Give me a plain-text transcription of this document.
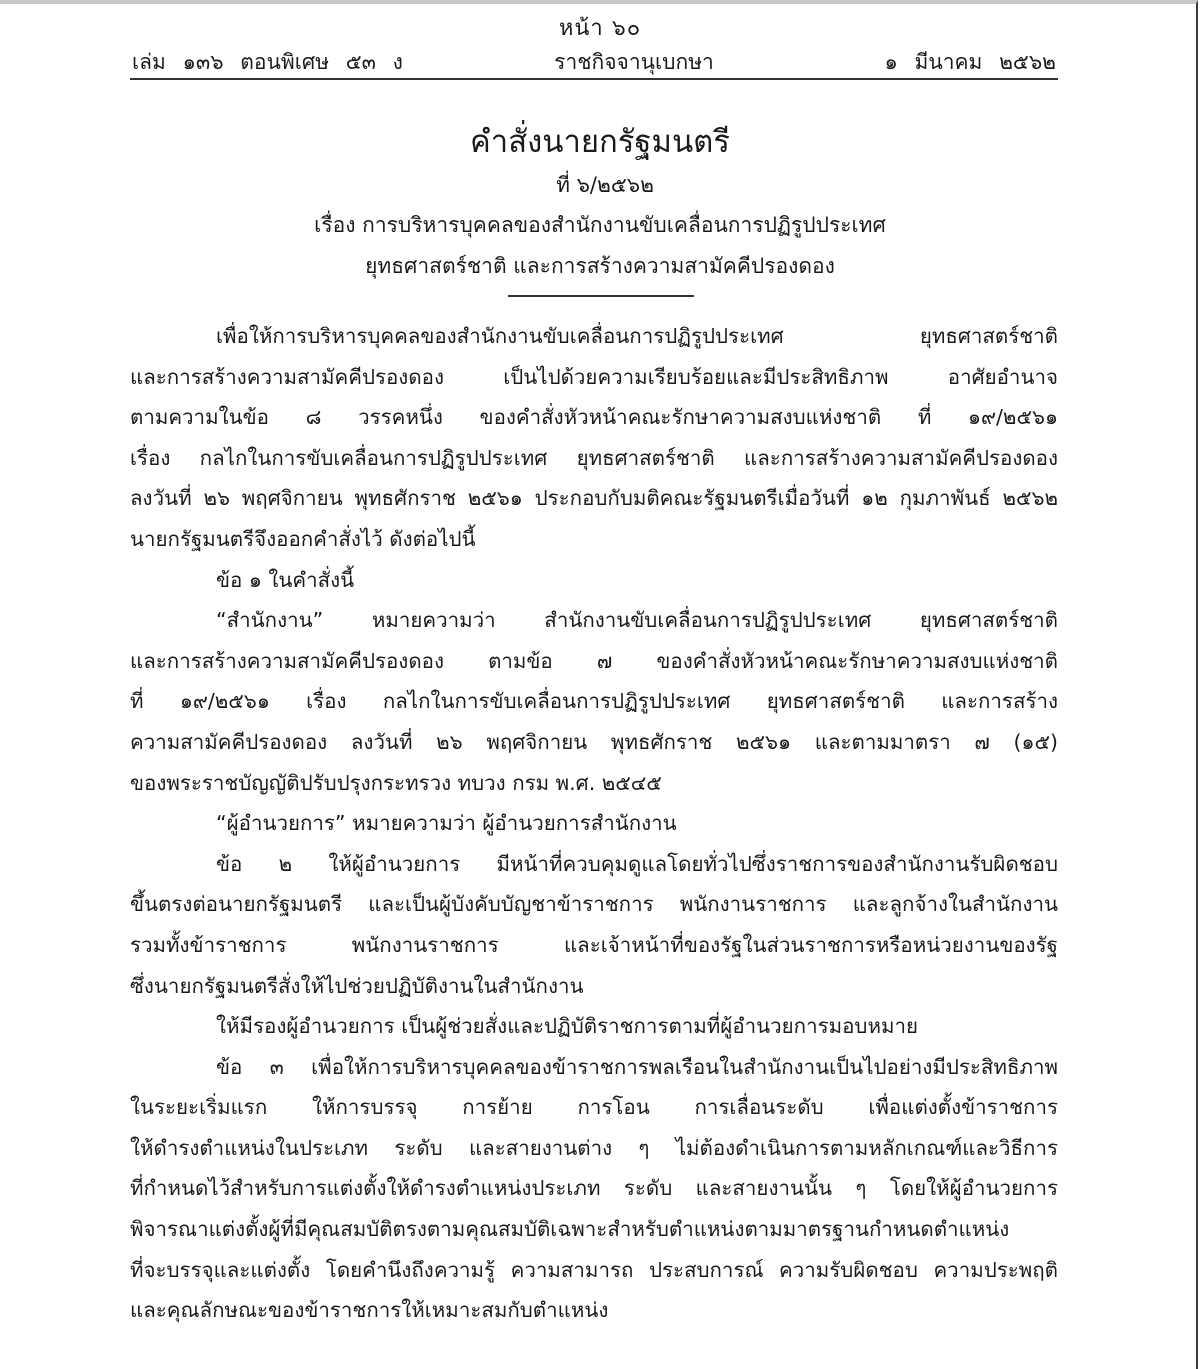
หน้า ๖๐
เล่ม ๑๓๖ ตอนพิเศษ ๕๓ ง	ราชกิจจานุเบกษา	๑ มีนาคม ๒๕๖๒
คำสั่งนายกรัฐมนตรี
ที่ ๖/๒๕๖๒
เรื่อง การบริหารบุคคลของสำนักงานขับเคลื่อนการปฏิรูปประเทศ
ยุทธศาสตร์ชาติ และการสร้างความสามัคคีปรองดอง
เพื่อให้การบริหารบุคคลของสำนักงานขับเคลื่อนการปฏิรูปประเทศ ยุทธศาสตร์ชาติ
และการสร้างความสามัคคีปรองดอง เป็นไปด้วยความเรียบร้อยและมีประสิทธิภาพ อาศัยอำนาจ
ตามความในข้อ ๘ วรรคหนึ่ง ของคำสั่งหัวหน้าคณะรักษาความสงบแห่งชาติ ที่ ๑๙/๒๕๖๑
เรื่อง กลไกในการขับเคลื่อนการปฏิรูปประเทศ ยุทธศาสตร์ชาติ และการสร้างความสามัคคีปรองดอง
ลงวันที่ ๒๖ พฤศจิกายน พุทธศักราช ๒๕๖๑ ประกอบกับมติคณะรัฐมนตรีเมื่อวันที่ ๑๒ กุมภาพันธ์ ๒๕๖๒
นายกรัฐมนตรีจึงออกคำสั่งไว้ ดังต่อไปนี้
ข้อ ๑ ในคำสั่งนี้
“สำนักงาน” หมายความว่า สำนักงานขับเคลื่อนการปฏิรูปประเทศ ยุทธศาสตร์ชาติ
และการสร้างความสามัคคีปรองดอง ตามข้อ ๗ ของคำสั่งหัวหน้าคณะรักษาความสงบแห่งชาติ
ที่ ๑๙/๒๕๖๑ เรื่อง กลไกในการขับเคลื่อนการปฏิรูปประเทศ ยุทธศาสตร์ชาติ และการสร้าง
ความสามัคคีปรองดอง ลงวันที่ ๒๖ พฤศจิกายน พุทธศักราช ๒๕๖๑ และตามมาตรา ๗ (๑๕)
ของพระราชบัญญัติปรับปรุงกระทรวง ทบวง กรม พ.ศ. ๒๕๔๕
“ผู้อำนวยการ” หมายความว่า ผู้อำนวยการสำนักงาน
ข้อ ๒ ให้ผู้อำนวยการ มีหน้าที่ควบคุมดูแลโดยทั่วไปซึ่งราชการของสำนักงานรับผิดชอบ
ขึ้นตรงต่อนายกรัฐมนตรี และเป็นผู้บังคับบัญชาข้าราชการ พนักงานราชการ และลูกจ้างในสำนักงาน
รวมทั้งข้าราชการ พนักงานราชการ และเจ้าหน้าที่ของรัฐในส่วนราชการหรือหน่วยงานของรัฐ
ซึ่งนายกรัฐมนตรีสั่งให้ไปช่วยปฏิบัติงานในสำนักงาน
ให้มีรองผู้อำนวยการ เป็นผู้ช่วยสั่งและปฏิบัติราชการตามที่ผู้อำนวยการมอบหมาย
ข้อ ๓ เพื่อให้การบริหารบุคคลของข้าราชการพลเรือนในสำนักงานเป็นไปอย่างมีประสิทธิภาพ
ในระยะเริ่มแรก ให้การบรรจุ การย้าย การโอน การเลื่อนระดับ เพื่อแต่งตั้งข้าราชการ
ให้ดำรงตำแหน่งในประเภท ระดับ และสายงานต่าง ๆ ไม่ต้องดำเนินการตามหลักเกณฑ์และวิธีการ
ที่กำหนดไว้สำหรับการแต่งตั้งให้ดำรงตำแหน่งประเภท ระดับ และสายงานนั้น ๆ โดยให้ผู้อำนวยการ
พิจารณาแต่งตั้งผู้ที่มีคุณสมบัติตรงตามคุณสมบัติเฉพาะสำหรับตำแหน่งตามมาตรฐานกำหนดตำแหน่ง
ที่จะบรรจุและแต่งตั้ง โดยคำนึงถึงความรู้ ความสามารถ ประสบการณ์ ความรับผิดชอบ ความประพฤติ
และคุณลักษณะของข้าราชการให้เหมาะสมกับตำแหน่ง
